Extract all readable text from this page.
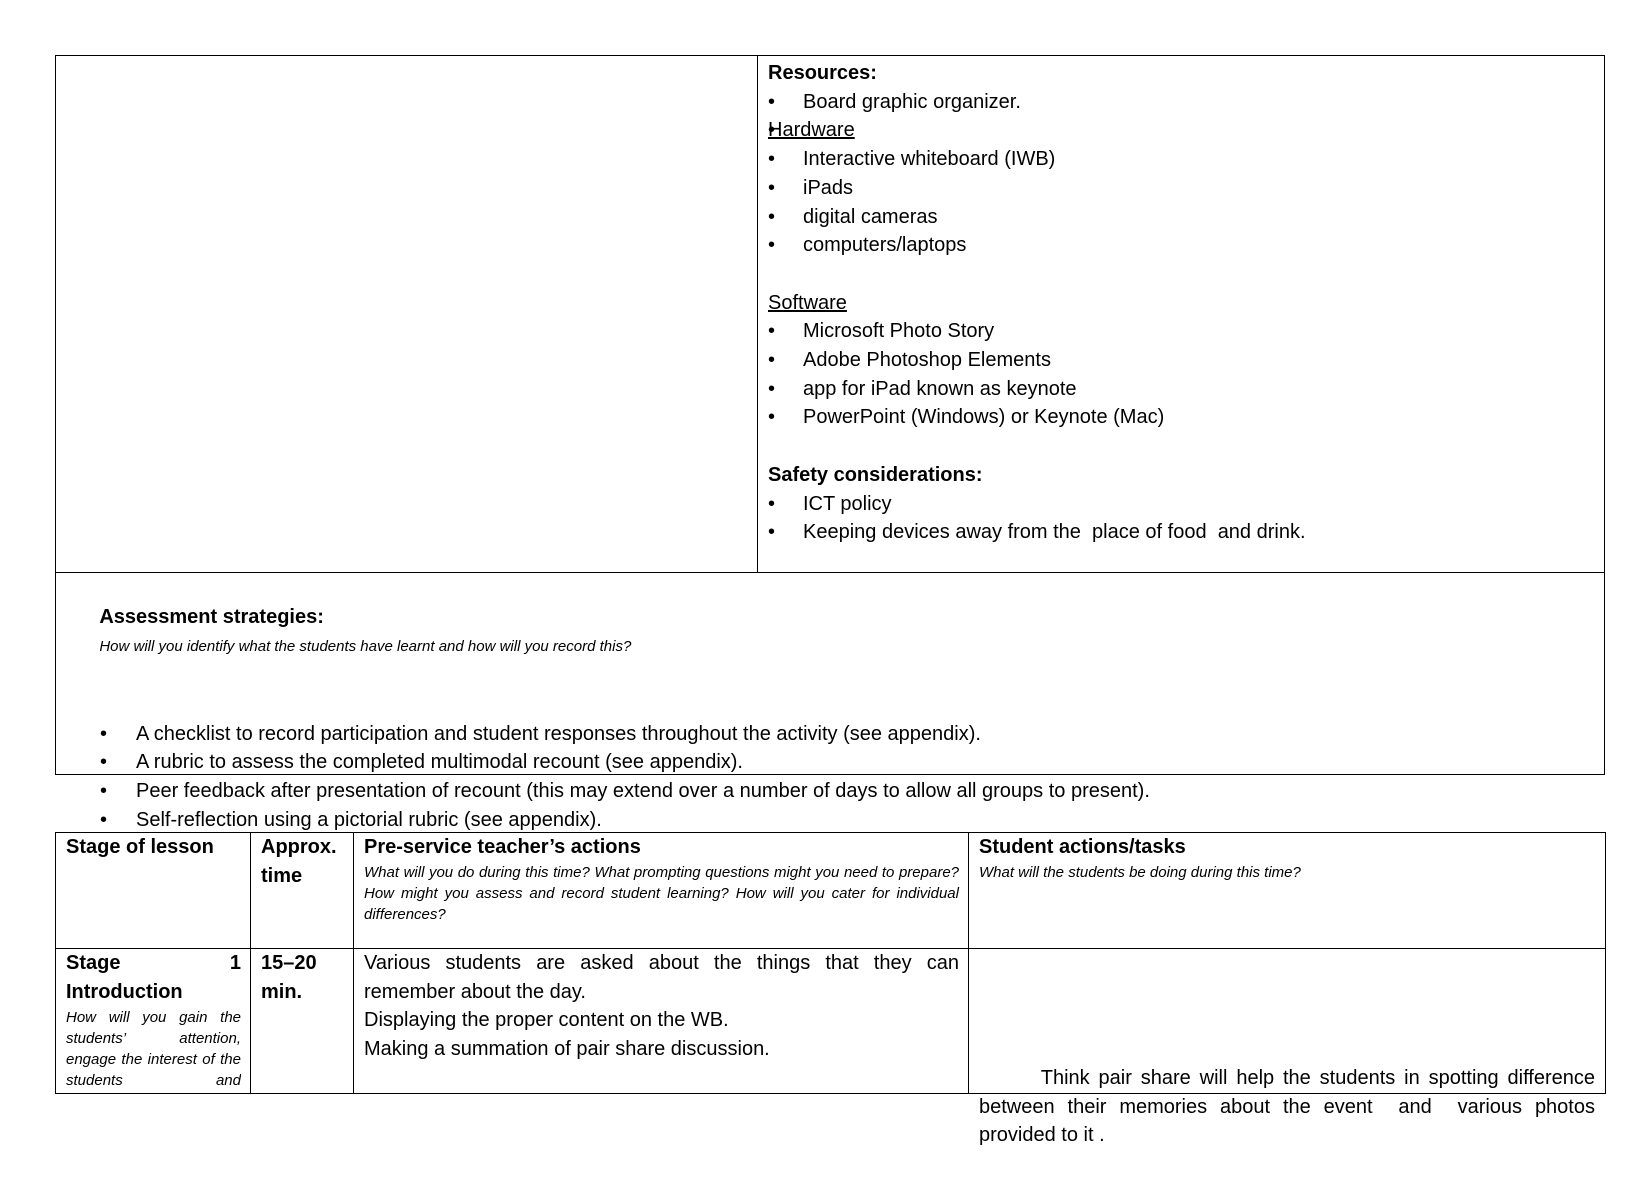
Resources:
• Board graphic organizer.
Hardware
• Interactive whiteboard (IWB)
• iPads
• digital cameras
• computers/laptops

Software
• Microsoft Photo Story
• Adobe Photoshop Elements
• app for iPad known as keynote
• PowerPoint (Windows) or Keynote (Mac)

Safety considerations:
• ICT policy
• Keeping devices away from the  place of food  and drink.

Assessment strategies:
How will you identify what the students have learnt and how will you record this?

• A checklist to record participation and student responses throughout the activity (see appendix).
• A rubric to assess the completed multimodal recount (see appendix).
• Peer feedback after presentation of recount (this may extend over a number of days to allow all groups to present).
• Self-reflection using a pictorial rubric (see appendix).
Stage of lesson	Approx.
time
Pre-service teacher’s actions
What will you do during this time? What prompting questions might you need to prepare? How might you assess and record student learning? How will you cater for individual differences?
Student actions/tasks
What will the students be doing during this time?
Stage	1
Introduction
How will you gain the students’ attention, engage the interest of the students and
15–20
min.
Various students are asked about the things that they can remember about the day.
Displaying the proper content on the WB.
Making a summation of pair share discussion.

Think pair share will help the students in spotting difference between their memories about the event  and  various photos provided to it .
